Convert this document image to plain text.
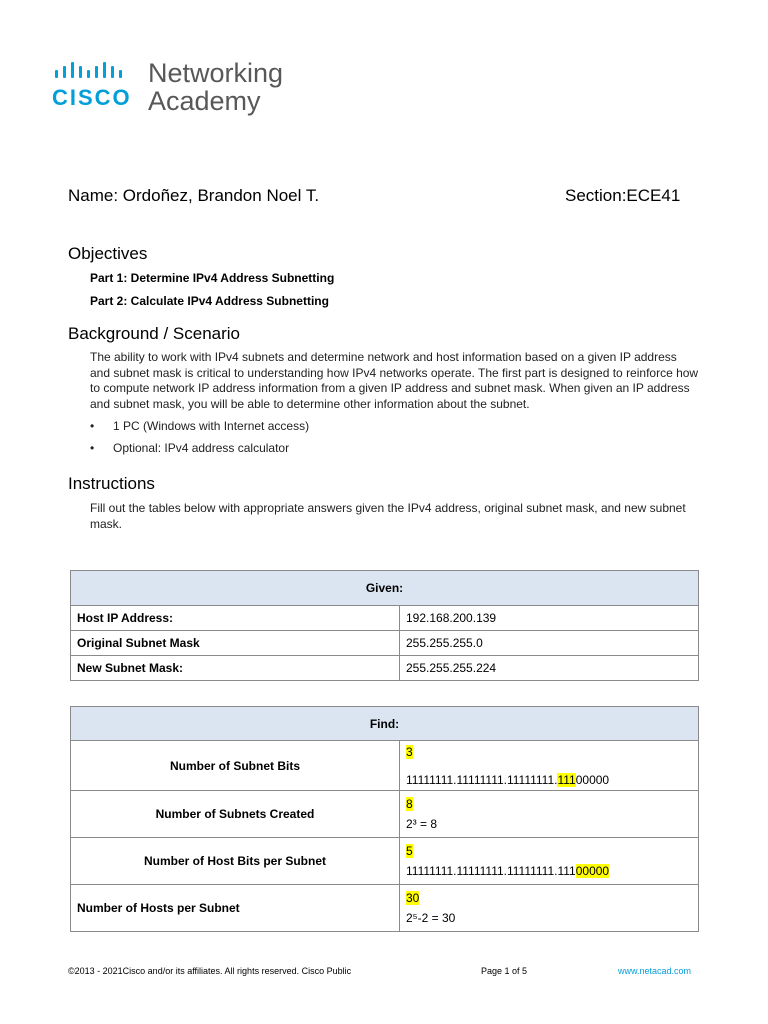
CISCO
Networking
Academy
Name: Ordoñez, Brandon Noel T.	Section:ECE41
Objectives
Part 1: Determine IPv4 Address Subnetting
Part 2: Calculate IPv4 Address Subnetting
Background / Scenario
The ability to work with IPv4 subnets and determine network and host information based on a given IP address and subnet mask is critical to understanding how IPv4 networks operate. The first part is designed to reinforce how to compute network IP address information from a given IP address and subnet mask. When given an IP address and subnet mask, you will be able to determine other information about the subnet.
• 1 PC (Windows with Internet access)
• Optional: IPv4 address calculator
Instructions
Fill out the tables below with appropriate answers given the IPv4 address, original subnet mask, and new subnet mask.
Given:	
Host IP Address:	192.168.200.139
Original Subnet Mask	255.255.255.0
New Subnet Mask:	255.255.255.224
Find:	
Number of Subnet Bits	3
11111111.11111111.11111111.11100000

Number of Subnets Created	8
2³ = 8

Number of Host Bits per Subnet	5
11111111.11111111.11111111.11100000

Number of Hosts per Subnet	30
2⁵-2 = 30
©2013 - 2021Cisco and/or its affiliates. All rights reserved. Cisco Public	Page 1 of 5	www.netacad.com
